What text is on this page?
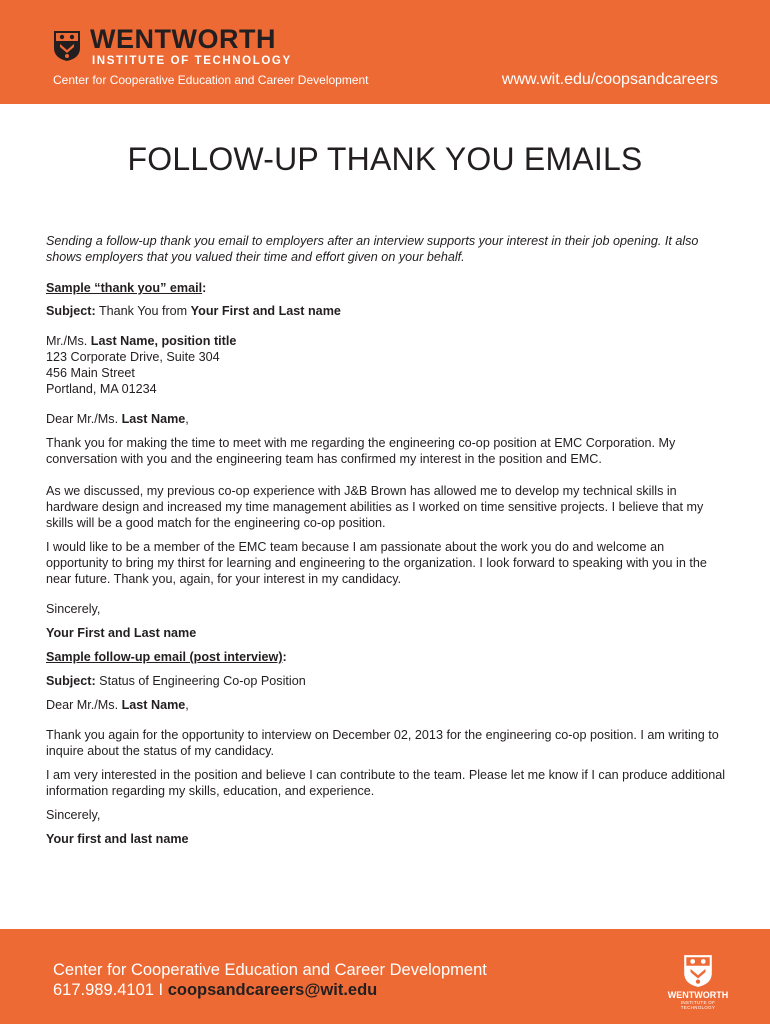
WENTWORTH
INSTITUTE OF TECHNOLOGY
Center for Cooperative Education and Career Development	www.wit.edu/coopsandcareers
FOLLOW-UP THANK YOU EMAILS

Sending a follow-up thank you email to employers after an interview supports your interest in their job opening. It also shows employers that you valued their time and effort given on your behalf.

Sample “thank you” email:

Subject: Thank You from Your First and Last name

Mr./Ms. Last Name, position title

123 Corporate Drive, Suite 304

456 Main Street

Portland, MA 01234

Dear Mr./Ms. Last Name,

Thank you for making the time to meet with me regarding the engineering co-op position at EMC Corporation. My conversation with you and the engineering team has confirmed my interest in the position and EMC.

As we discussed, my previous co-op experience with J&B Brown has allowed me to develop my technical skills in hardware design and increased my time management abilities as I worked on time sensitive projects. I believe that my skills will be a good match for the engineering co-op position.

I would like to be a member of the EMC team because I am passionate about the work you do and welcome an opportunity to bring my thirst for learning and engineering to the organization. I look forward to speaking with you in the near future. Thank you, again, for your interest in my candidacy.

Sincerely,

Your First and Last name

Sample follow-up email (post interview):

Subject: Status of Engineering Co-op Position

Dear Mr./Ms. Last Name,

Thank you again for the opportunity to interview on December 02, 2013 for the engineering co-op position. I am writing to inquire about the status of my candidacy.

I am very interested in the position and believe I can contribute to the team. Please let me know if I can produce additional information regarding my skills, education, and experience.

Sincerely,

Your first and last name

Center for Cooperative Education and Career Development
617.989.4101 I coopsandcareers@wit.edu	WENTWORTH
INSTITUTE OF TECHNOLOGY
